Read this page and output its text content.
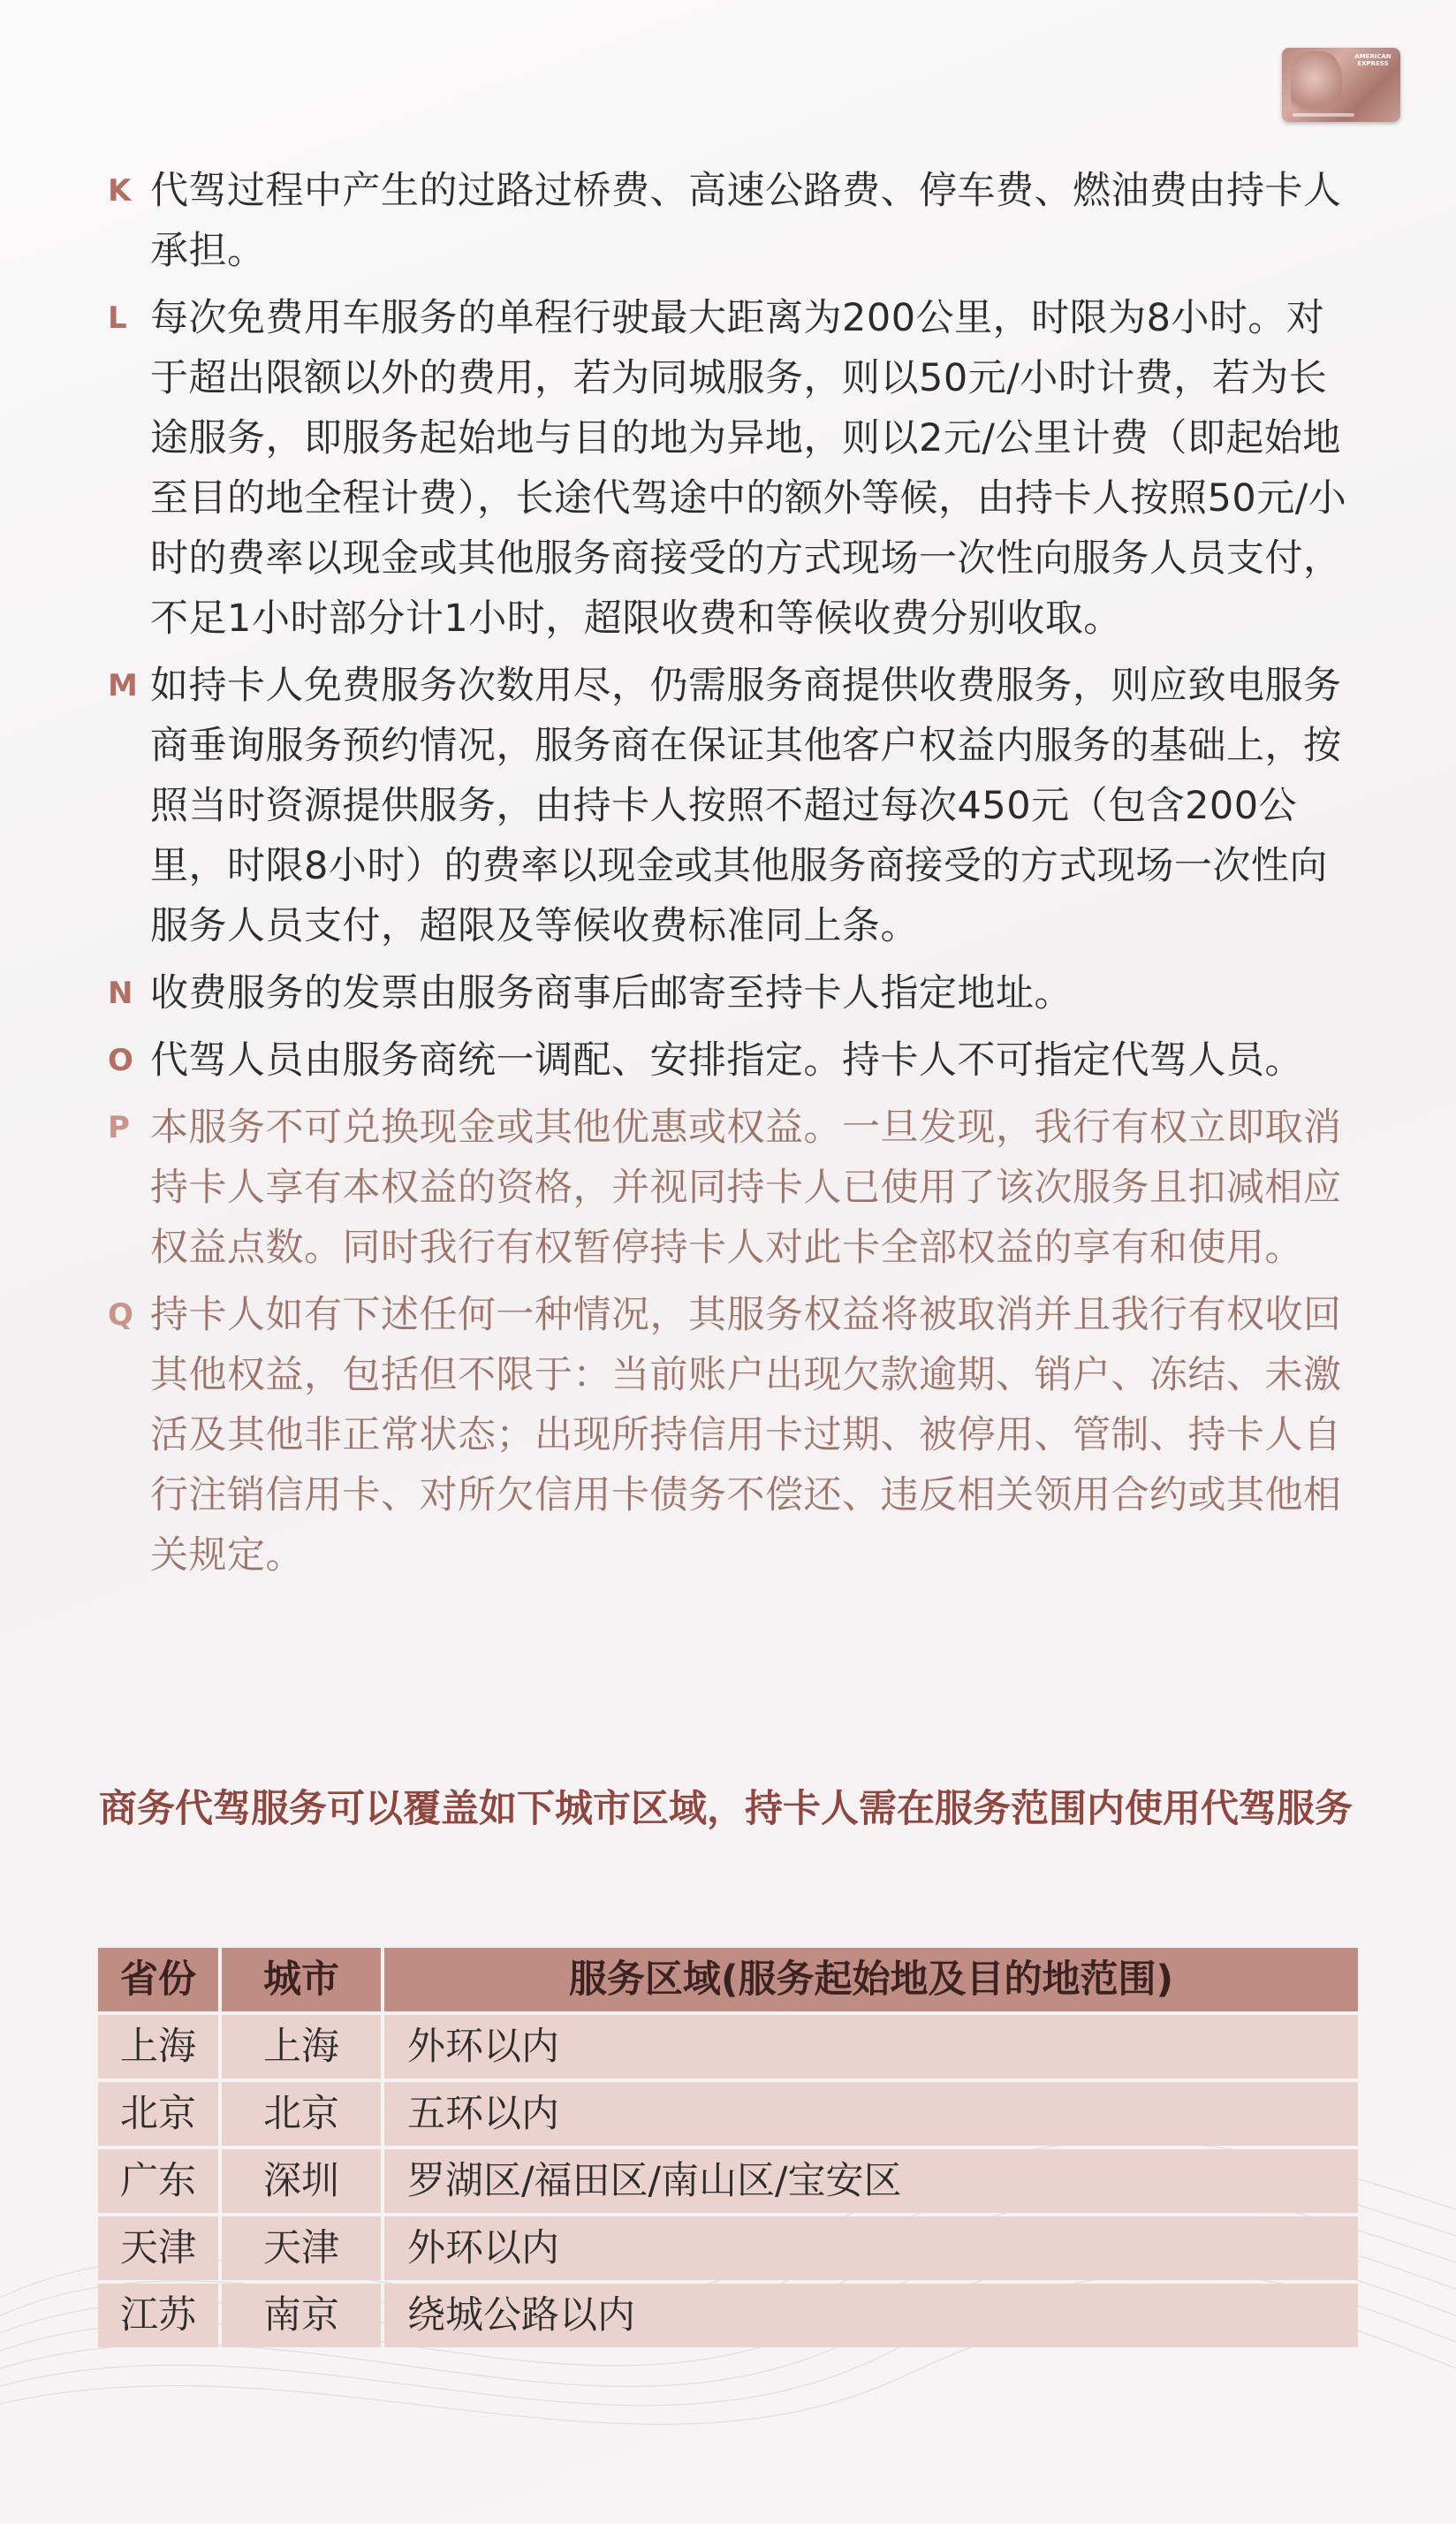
AMERICAN EXPRESS
K 代驾过程中产生的过路过桥费、高速公路费、停车费、燃油费由持卡人承担。
L 每次免费用车服务的单程行驶最大距离为200公里，时限为8小时。对于超出限额以外的费用，若为同城服务，则以50元/小时计费，若为长途服务，即服务起始地与目的地为异地，则以2元/公里计费（即起始地至目的地全程计费），长途代驾途中的额外等候，由持卡人按照50元/小时的费率以现金或其他服务商接受的方式现场一次性向服务人员支付，不足1小时部分计1小时，超限收费和等候收费分别收取。
M 如持卡人免费服务次数用尽，仍需服务商提供收费服务，则应致电服务商垂询服务预约情况，服务商在保证其他客户权益内服务的基础上，按照当时资源提供服务，由持卡人按照不超过每次450元（包含200公里，时限8小时）的费率以现金或其他服务商接受的方式现场一次性向服务人员支付，超限及等候收费标准同上条。
N 收费服务的发票由服务商事后邮寄至持卡人指定地址。
O 代驾人员由服务商统一调配、安排指定。持卡人不可指定代驾人员。
P 本服务不可兑换现金或其他优惠或权益。一旦发现，我行有权立即取消持卡人享有本权益的资格，并视同持卡人已使用了该次服务且扣减相应权益点数。同时我行有权暂停持卡人对此卡全部权益的享有和使用。
Q 持卡人如有下述任何一种情况，其服务权益将被取消并且我行有权收回其他权益，包括但不限于：当前账户出现欠款逾期、销户、冻结、未激活及其他非正常状态；出现所持信用卡过期、被停用、管制、持卡人自行注销信用卡、对所欠信用卡债务不偿还、违反相关领用合约或其他相关规定。
商务代驾服务可以覆盖如下城市区域，持卡人需在服务范围内使用代驾服务
省份	城市	服务区域(服务起始地及目的地范围)
上海	上海	外环以内
北京	北京	五环以内
广东	深圳	罗湖区/福田区/南山区/宝安区
天津	天津	外环以内
江苏	南京	绕城公路以内
